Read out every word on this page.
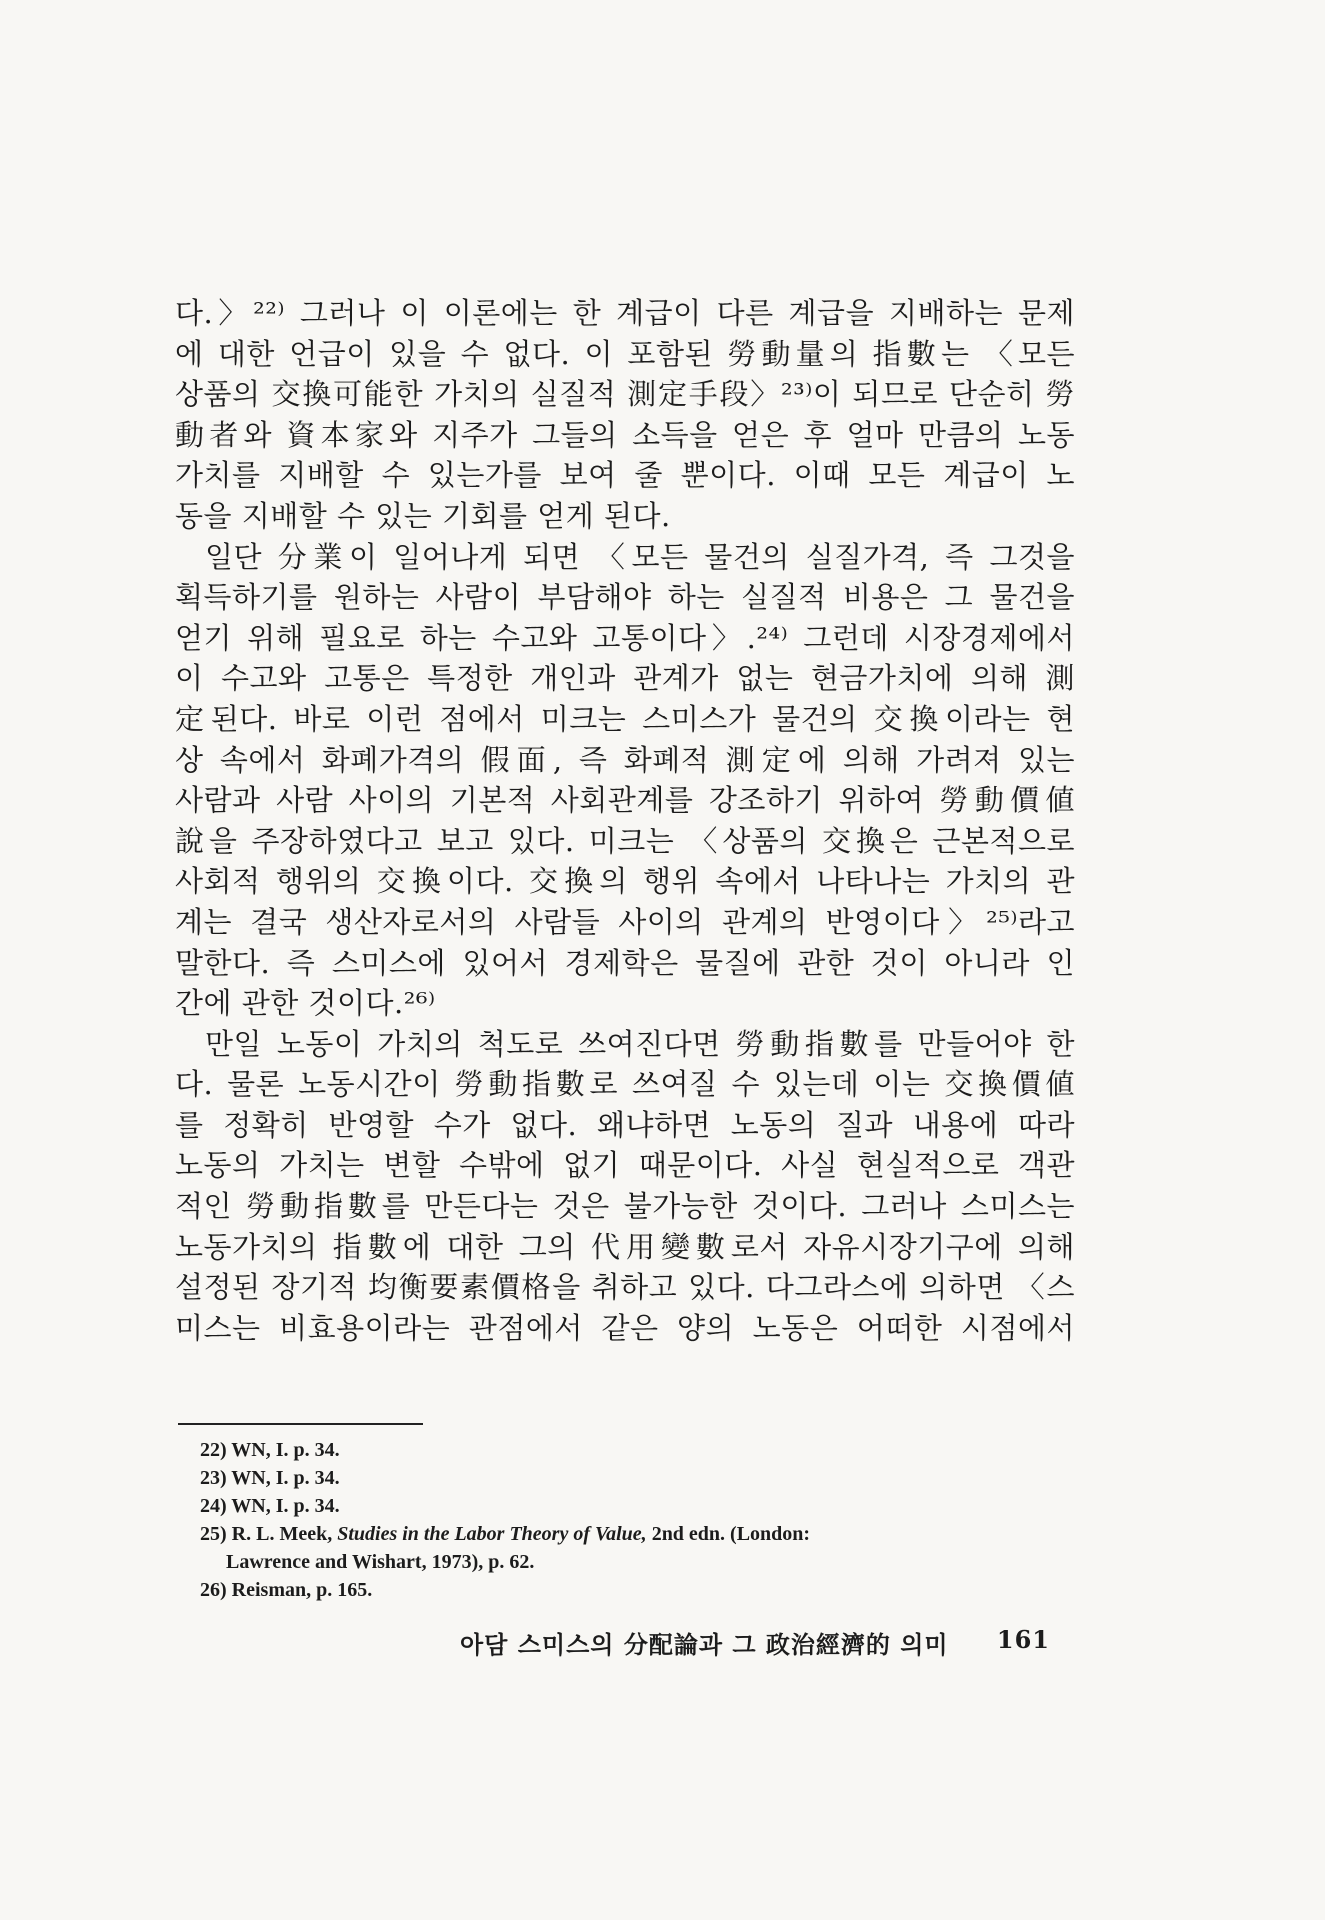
다.〉²²⁾ 그러나 이 이론에는 한 계급이 다른 계급을 지배하는 문제

에 대한 언급이 있을 수 없다. 이 포함된 勞動量의 指數는 〈모든

상품의 交換可能한 가치의 실질적 測定手段〉²³⁾이 되므로 단순히 勞

動者와 資本家와 지주가 그들의 소득을 얻은 후 얼마 만큼의 노동

가치를 지배할 수 있는가를 보여 줄 뿐이다. 이때 모든 계급이 노

동을 지배할 수 있는 기회를 얻게 된다.

일단 分業이 일어나게 되면 〈모든 물건의 실질가격, 즉 그것을

획득하기를 원하는 사람이 부담해야 하는 실질적 비용은 그 물건을

얻기 위해 필요로 하는 수고와 고통이다〉.²⁴⁾ 그런데 시장경제에서

이 수고와 고통은 특정한 개인과 관계가 없는 현금가치에 의해 測

定된다. 바로 이런 점에서 미크는 스미스가 물건의 交換이라는 현

상 속에서 화폐가격의 假面, 즉 화폐적 測定에 의해 가려져 있는

사람과 사람 사이의 기본적 사회관계를 강조하기 위하여 勞動價値

說을 주장하였다고 보고 있다. 미크는 〈상품의 交換은 근본적으로

사회적 행위의 交換이다. 交換의 행위 속에서 나타나는 가치의 관

계는 결국 생산자로서의 사람들 사이의 관계의 반영이다〉²⁵⁾라고

말한다. 즉 스미스에 있어서 경제학은 물질에 관한 것이 아니라 인

간에 관한 것이다.²⁶⁾

만일 노동이 가치의 척도로 쓰여진다면 勞動指數를 만들어야 한

다. 물론 노동시간이 勞動指數로 쓰여질 수 있는데 이는 交換價値

를 정확히 반영할 수가 없다. 왜냐하면 노동의 질과 내용에 따라

노동의 가치는 변할 수밖에 없기 때문이다. 사실 현실적으로 객관

적인 勞動指數를 만든다는 것은 불가능한 것이다. 그러나 스미스는

노동가치의 指數에 대한 그의 代用變數로서 자유시장기구에 의해

설정된 장기적 均衡要素價格을 취하고 있다. 다그라스에 의하면 〈스

미스는 비효용이라는 관점에서 같은 양의 노동은 어떠한 시점에서

22) WN, I. p. 34.
23) WN, I. p. 34.
24) WN, I. p. 34.
25) R. L. Meek, Studies in the Labor Theory of Value, 2nd edn. (London:
Lawrence and Wishart, 1973), p. 62.
26) Reisman, p. 165.
아담 스미스의 分配論과 그 政治經濟的 의미 161
